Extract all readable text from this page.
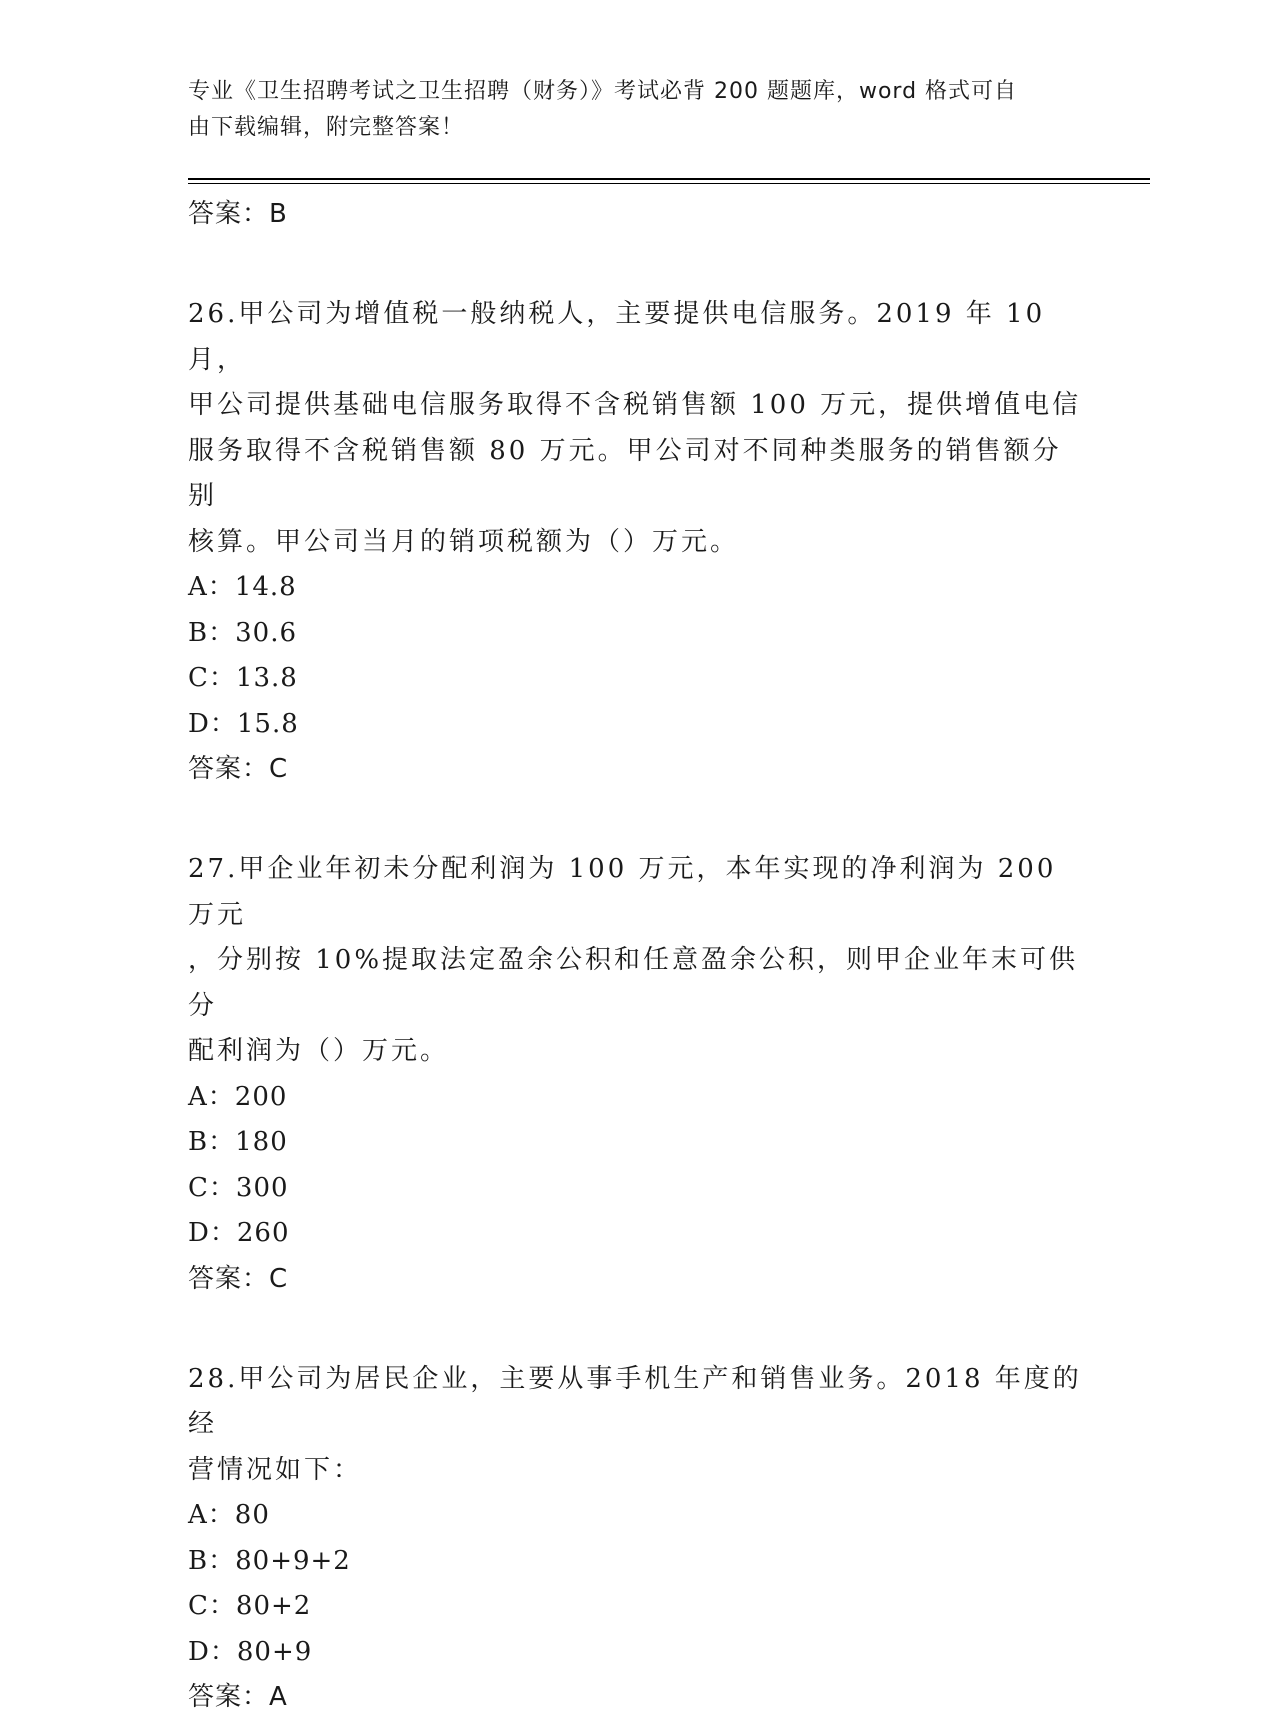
专业《卫生招聘考试之卫生招聘（财务）》考试必背 200 题题库，word 格式可自
由下载编辑，附完整答案！
答案：B
26.甲公司为增值税一般纳税人，主要提供电信服务。2019 年 10 月，
甲公司提供基础电信服务取得不含税销售额 100 万元，提供增值电信
服务取得不含税销售额 80 万元。甲公司对不同种类服务的销售额分别
核算。甲公司当月的销项税额为（）万元。
A：14.8
B：30.6
C：13.8
D：15.8
答案：C
27.甲企业年初未分配利润为 100 万元，本年实现的净利润为 200 万元
，分别按 10%提取法定盈余公积和任意盈余公积，则甲企业年末可供分
配利润为（）万元。
A：200
B：180
C：300
D：260
答案：C
28.甲公司为居民企业，主要从事手机生产和销售业务。2018 年度的经
营情况如下：
A：80
B：80+9+2
C：80+2
D：80+9
答案：A
